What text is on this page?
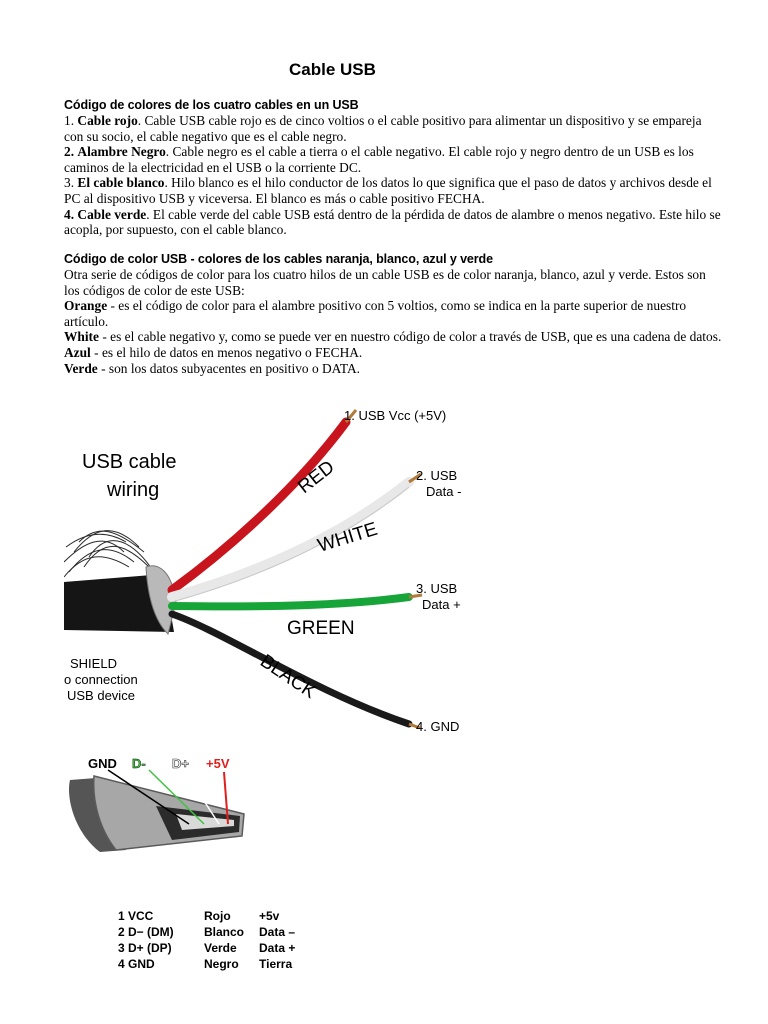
Cable USB
Código de colores de los cuatro cables en un USB
1. Cable rojo. Cable USB cable rojo es de cinco voltios o el cable positivo para alimentar un dispositivo y se empareja con su socio, el cable negativo que es el cable negro.
2. Alambre Negro. Cable negro es el cable a tierra o el cable negativo. El cable rojo y negro dentro de un USB es los caminos de la electricidad en el USB o la corriente DC.
3. El cable blanco. Hilo blanco es el hilo conductor de los datos lo que significa que el paso de datos y archivos desde el PC al dispositivo USB y viceversa. El blanco es más o cable positivo FECHA.
4. Cable verde. El cable verde del cable USB está dentro de la pérdida de datos de alambre o menos negativo. Este hilo se acopla, por supuesto, con el cable blanco.
Código de color USB - colores de los cables naranja, blanco, azul y verde
Otra serie de códigos de color para los cuatro hilos de un cable USB es de color naranja, blanco, azul y verde. Estos son los códigos de color de este USB:
Orange - es el código de color para el alambre positivo con 5 voltios, como se indica en la parte superior de nuestro artículo.
White - es el cable negativo y, como se puede ver en nuestro código de color a través de USB, que es una cadena de datos.
Azul - es el hilo de datos en menos negativo o FECHA.
Verde - son los datos subyacentes en positivo o DATA.
USB cable
wiring
1. USB Vcc (+5V)
2. USB
Data -
3. USB
Data +
4. GND
RED
WHITE
GREEN
BLACK
SHIELD
o connection
USB device
GND D- D+ +5V
1 VCC	Rojo	+5v
2 D− (DM)	Blanco	Data –
3 D+ (DP)	Verde	Data +
4 GND	Negro	Tierra
